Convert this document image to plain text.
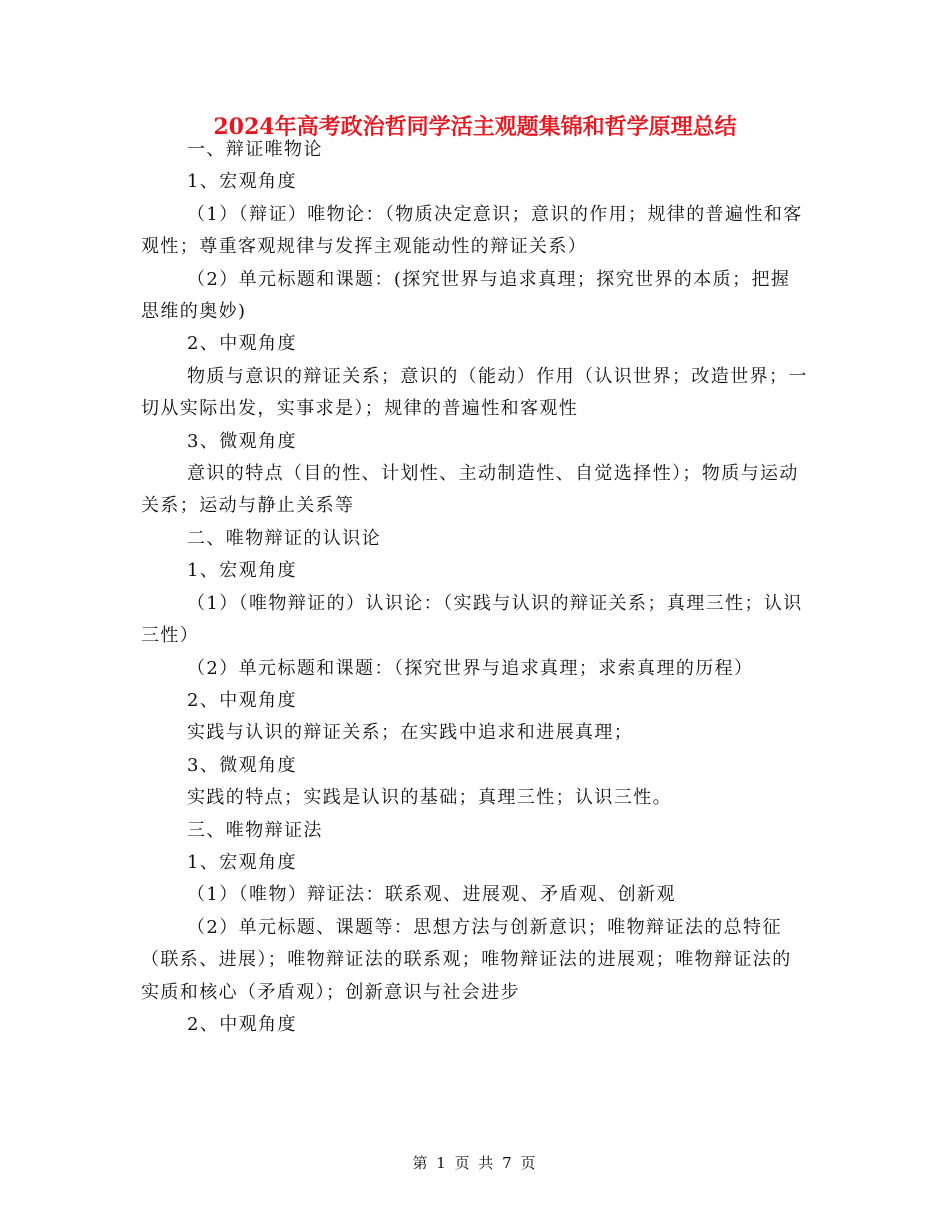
2024年高考政治哲同学活主观题集锦和哲学原理总结

一、辩证唯物论

1、宏观角度

（1）（辩证）唯物论：（物质决定意识；意识的作用；规律的普遍性和客观性；尊重客观规律与发挥主观能动性的辩证关系）

（2）单元标题和课题：(探究世界与追求真理；探究世界的本质；把握思维的奥妙)

2、中观角度

物质与意识的辩证关系；意识的（能动）作用（认识世界；改造世界；一切从实际出发，实事求是）；规律的普遍性和客观性

3、微观角度

意识的特点（目的性、计划性、主动制造性、自觉选择性）；物质与运动关系；运动与静止关系等

二、唯物辩证的认识论

1、宏观角度

（1）（唯物辩证的）认识论：（实践与认识的辩证关系；真理三性；认识三性）

（2）单元标题和课题：（探究世界与追求真理；求索真理的历程）

2、中观角度

实践与认识的辩证关系；在实践中追求和进展真理；

3、微观角度

实践的特点；实践是认识的基础；真理三性；认识三性。

三、唯物辩证法

1、宏观角度

（1）（唯物）辩证法：联系观、进展观、矛盾观、创新观

（2）单元标题、课题等：思想方法与创新意识；唯物辩证法的总特征（联系、进展）；唯物辩证法的联系观；唯物辩证法的进展观；唯物辩证法的实质和核心（矛盾观）；创新意识与社会进步

2、中观角度

第 1 页 共 7 页
